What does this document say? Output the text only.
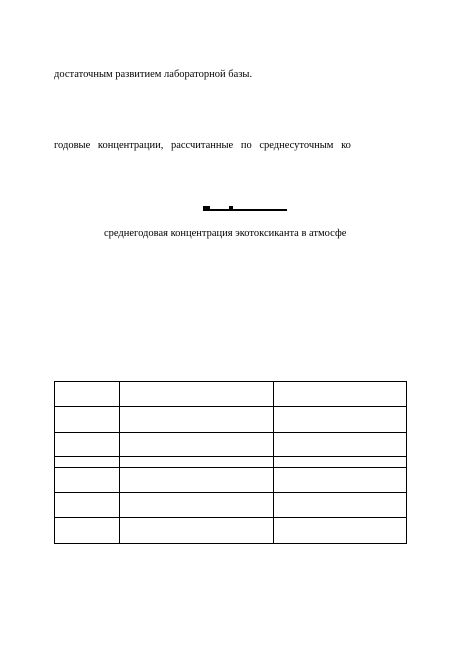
достаточным развитием лабораторной базы.
годовые концентрации, рассчитанные по среднесуточным ко
среднегодовая концентрация экотоксиканта в атмосфе
